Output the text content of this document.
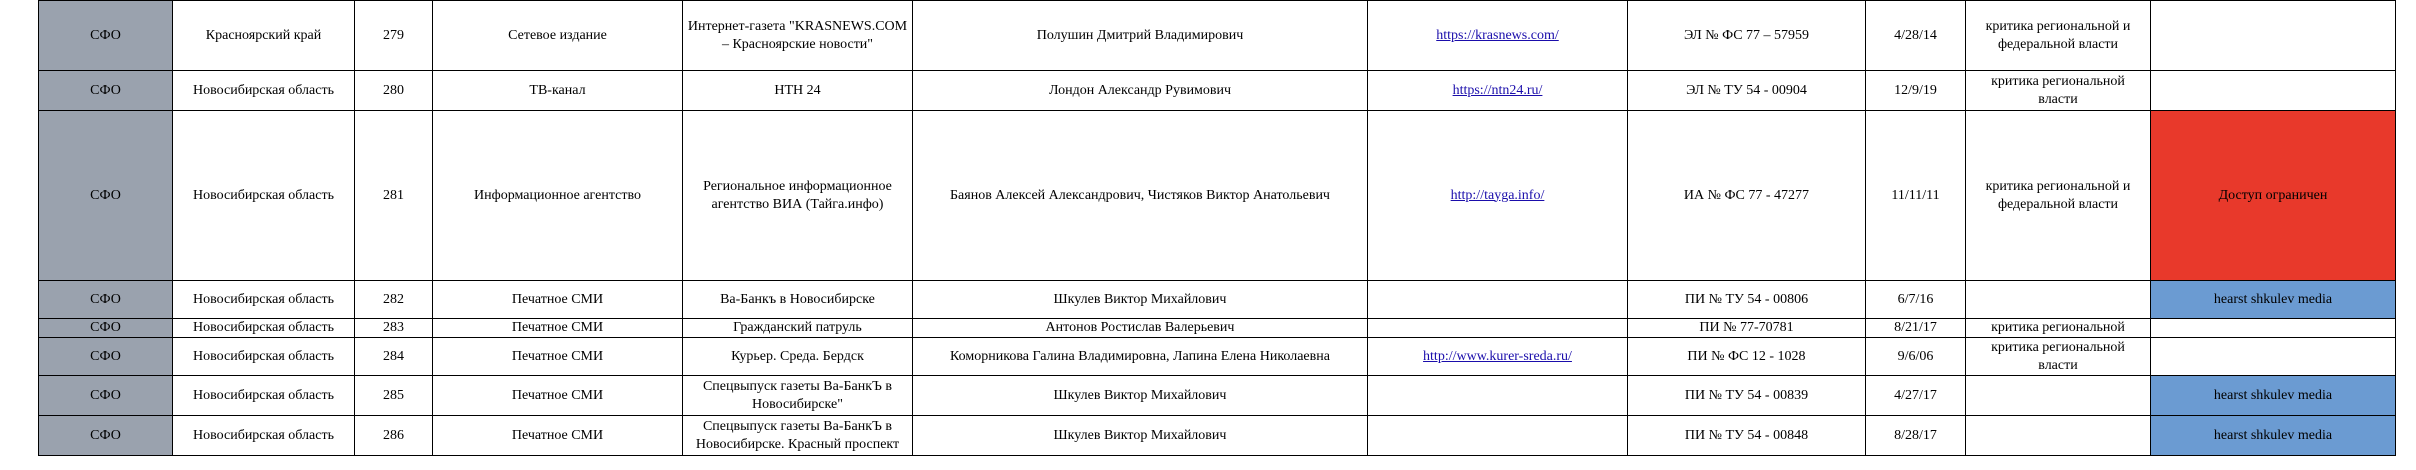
СФО	Красноярский край	279	Сетевое издание	Интернет-газета "KRASNEWS.COM – Красноярские новости"	Полушин Дмитрий Владимирович	https://krasnews.com/	ЭЛ № ФС 77 – 57959	4/28/14	критика региональной и федеральной власти	
СФО	Новосибирская область	280	ТВ-канал	НТН 24	Лондон Александр Рувимович	https://ntn24.ru/	ЭЛ № ТУ 54 - 00904	12/9/19	критика региональной власти	
СФО	Новосибирская область	281	Информационное агентство	Региональное информационное агентство ВИА (Тайга.инфо)	Баянов Алексей Александрович, Чистяков Виктор Анатольевич	http://tayga.info/	ИА № ФС 77 - 47277	11/11/11	критика региональной и федеральной власти	Доступ ограничен
СФО	Новосибирская область	282	Печатное СМИ	Ва-Банкъ в Новосибирске	Шкулев Виктор Михайлович		ПИ № ТУ 54 - 00806	6/7/16		hearst shkulev media
СФО	Новосибирская область	283	Печатное СМИ	Гражданский патруль	Антонов Ростислав Валерьевич		ПИ № 77-70781	8/21/17	критика региональной	
СФО	Новосибирская область	284	Печатное СМИ	Курьер. Среда. Бердск	Коморникова Галина Владимировна, Лапина Елена Николаевна	http://www.kurer-sreda.ru/	ПИ № ФС 12 - 1028	9/6/06	критика региональной власти	
СФО	Новосибирская область	285	Печатное СМИ	Спецвыпуск газеты Ва-БанкЪ в Новосибирске"	Шкулев Виктор Михайлович		ПИ № ТУ 54 - 00839	4/27/17		hearst shkulev media
СФО	Новосибирская область	286	Печатное СМИ	Спецвыпуск газеты Ва-БанкЪ в Новосибирске. Красный проспект	Шкулев Виктор Михайлович		ПИ № ТУ 54 - 00848	8/28/17		hearst shkulev media
